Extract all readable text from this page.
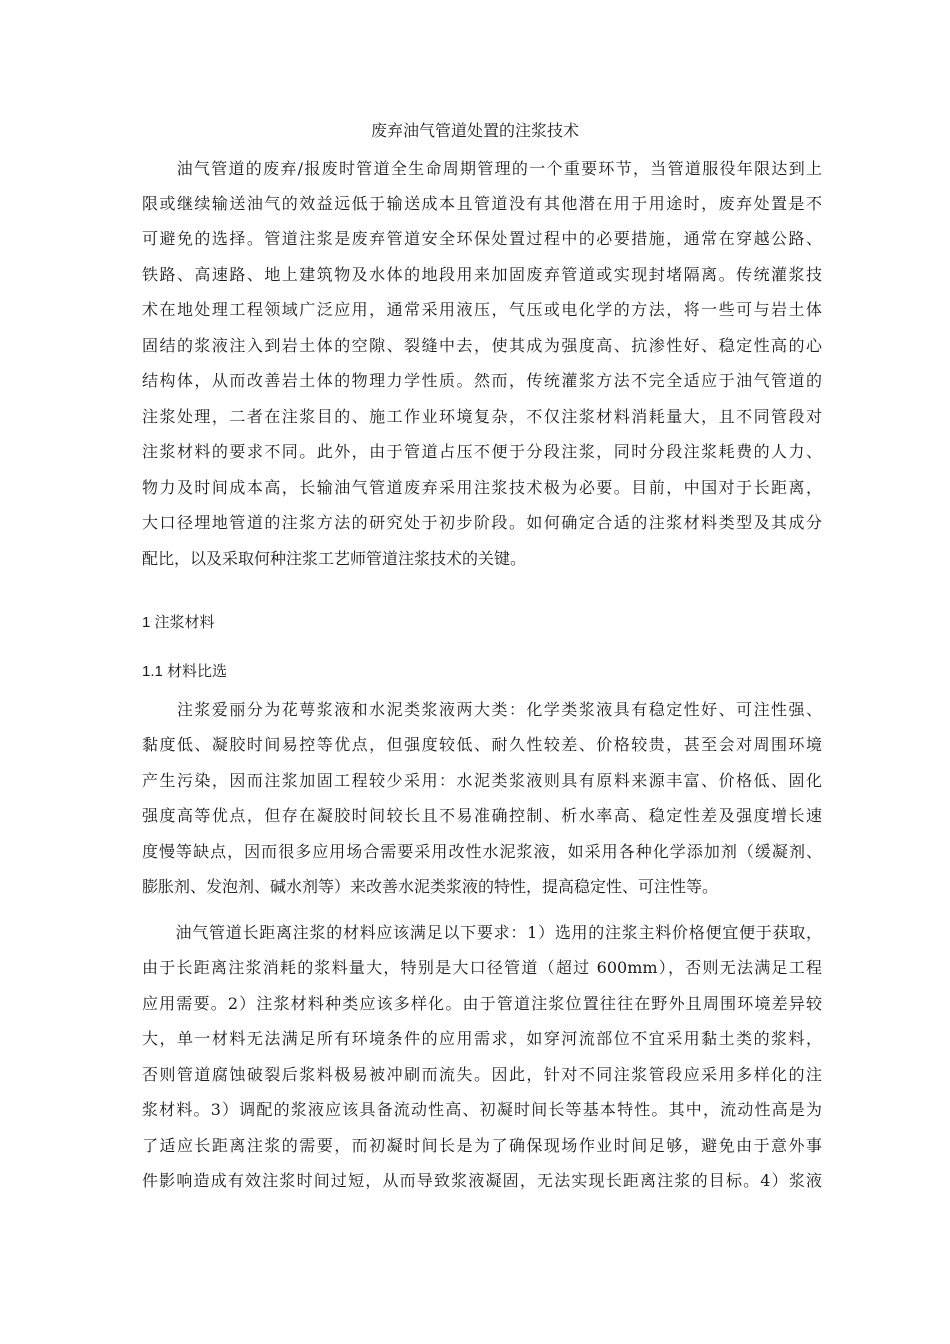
废弃油气管道处置的注浆技术

　　油气管道的废弃/报废时管道全生命周期管理的一个重要环节，当管道服役年限达到上

限或继续输送油气的效益远低于输送成本且管道没有其他潜在用于用途时，废弃处置是不

可避免的选择。管道注浆是废弃管道安全环保处置过程中的必要措施，通常在穿越公路、

铁路、高速路、地上建筑物及水体的地段用来加固废弃管道或实现封堵隔离。传统灌浆技

术在地处理工程领域广泛应用，通常采用液压，气压或电化学的方法，将一些可与岩土体

固结的浆液注入到岩土体的空隙、裂缝中去，使其成为强度高、抗渗性好、稳定性高的心

结构体，从而改善岩土体的物理力学性质。然而，传统灌浆方法不完全适应于油气管道的

注浆处理，二者在注浆目的、施工作业环境复杂，不仅注浆材料消耗量大，且不同管段对

注浆材料的要求不同。此外，由于管道占压不便于分段注浆，同时分段注浆耗费的人力、

物力及时间成本高，长输油气管道废弃采用注浆技术极为必要。目前，中国对于长距离，

大口径埋地管道的注浆方法的研究处于初步阶段。如何确定合适的注浆材料类型及其成分

配比，以及采取何种注浆工艺师管道注浆技术的关键。

1 注浆材料
1.1 材料比选

　　注浆爱丽分为花萼浆液和水泥类浆液两大类：化学类浆液具有稳定性好、可注性强、

黏度低、凝胶时间易控等优点，但强度较低、耐久性较差、价格较贵，甚至会对周围环境

产生污染，因而注浆加固工程较少采用：水泥类浆液则具有原料来源丰富、价格低、固化

强度高等优点，但存在凝胶时间较长且不易准确控制、析水率高、稳定性差及强度增长速

度慢等缺点，因而很多应用场合需要采用改性水泥浆液，如采用各种化学添加剂（缓凝剂、

膨胀剂、发泡剂、碱水剂等）来改善水泥类浆液的特性，提高稳定性、可注性等。

　　油气管道长距离注浆的材料应该满足以下要求：1）选用的注浆主料价格便宜便于获取，

由于长距离注浆消耗的浆料量大，特别是大口径管道（超过 600mm），否则无法满足工程

应用需要。2）注浆材料种类应该多样化。由于管道注浆位置往往在野外且周围环境差异较

大，单一材料无法满足所有环境条件的应用需求，如穿河流部位不宜采用黏土类的浆料，

否则管道腐蚀破裂后浆料极易被冲刷而流失。因此，针对不同注浆管段应采用多样化的注

浆材料。3）调配的浆液应该具备流动性高、初凝时间长等基本特性。其中，流动性高是为

了适应长距离注浆的需要，而初凝时间长是为了确保现场作业时间足够，避免由于意外事

件影响造成有效注浆时间过短，从而导致浆液凝固，无法实现长距离注浆的目标。4）浆液
